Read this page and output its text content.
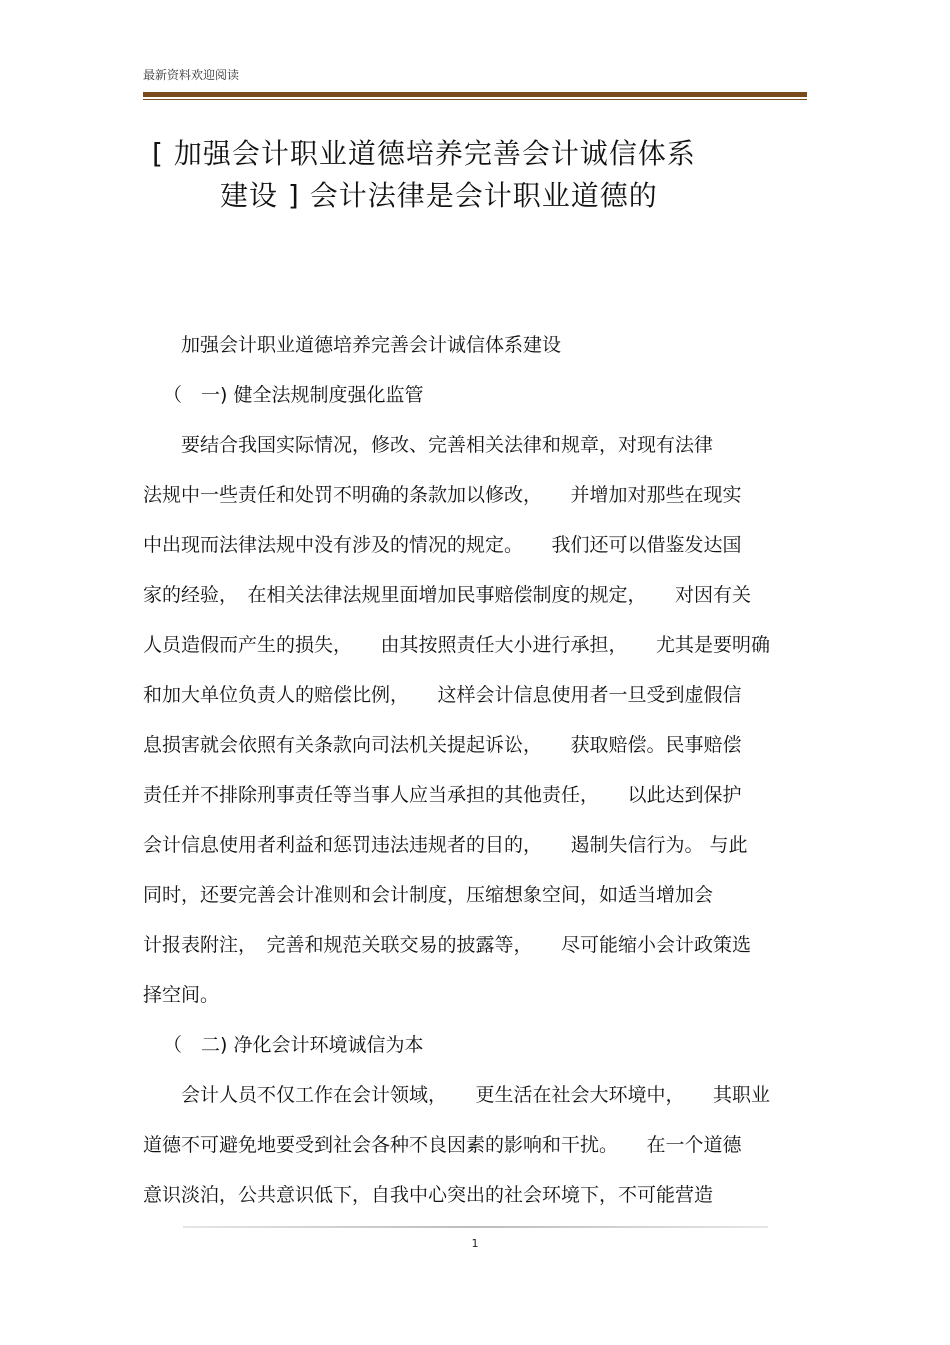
最新资料欢迎阅读
[ 加强会计职业道德培养完善会计诚信体系
建设 ] 会计法律是会计职业道德的
　　加强会计职业道德培养完善会计诚信体系建设
（　一) 健全法规制度强化监管
　　要结合我国实际情况，修改、完善相关法律和规章，对现有法律
法规中一些责任和处罚不明确的条款加以修改，　　并增加对那些在现实
中出现而法律法规中没有涉及的情况的规定。　　我们还可以借鉴发达国
家的经验，　在相关法律法规里面增加民事赔偿制度的规定，　　对因有关
人员造假而产生的损失，　　由其按照责任大小进行承担，　　尤其是要明确
和加大单位负责人的赔偿比例，　　这样会计信息使用者一旦受到虚假信
息损害就会依照有关条款向司法机关提起诉讼，　　获取赔偿。民事赔偿
责任并不排除刑事责任等当事人应当承担的其他责任，　　以此达到保护
会计信息使用者利益和惩罚违法违规者的目的，　　遏制失信行为。 与此
同时，还要完善会计准则和会计制度，压缩想象空间，如适当增加会
计报表附注，　完善和规范关联交易的披露等，　　尽可能缩小会计政策选
择空间。
（　二) 净化会计环境诚信为本
　　会计人员不仅工作在会计领域，　　更生活在社会大环境中，　　其职业
道德不可避免地要受到社会各种不良因素的影响和干扰。　　在一个道德
意识淡泊，公共意识低下，自我中心突出的社会环境下，不可能营造
1
